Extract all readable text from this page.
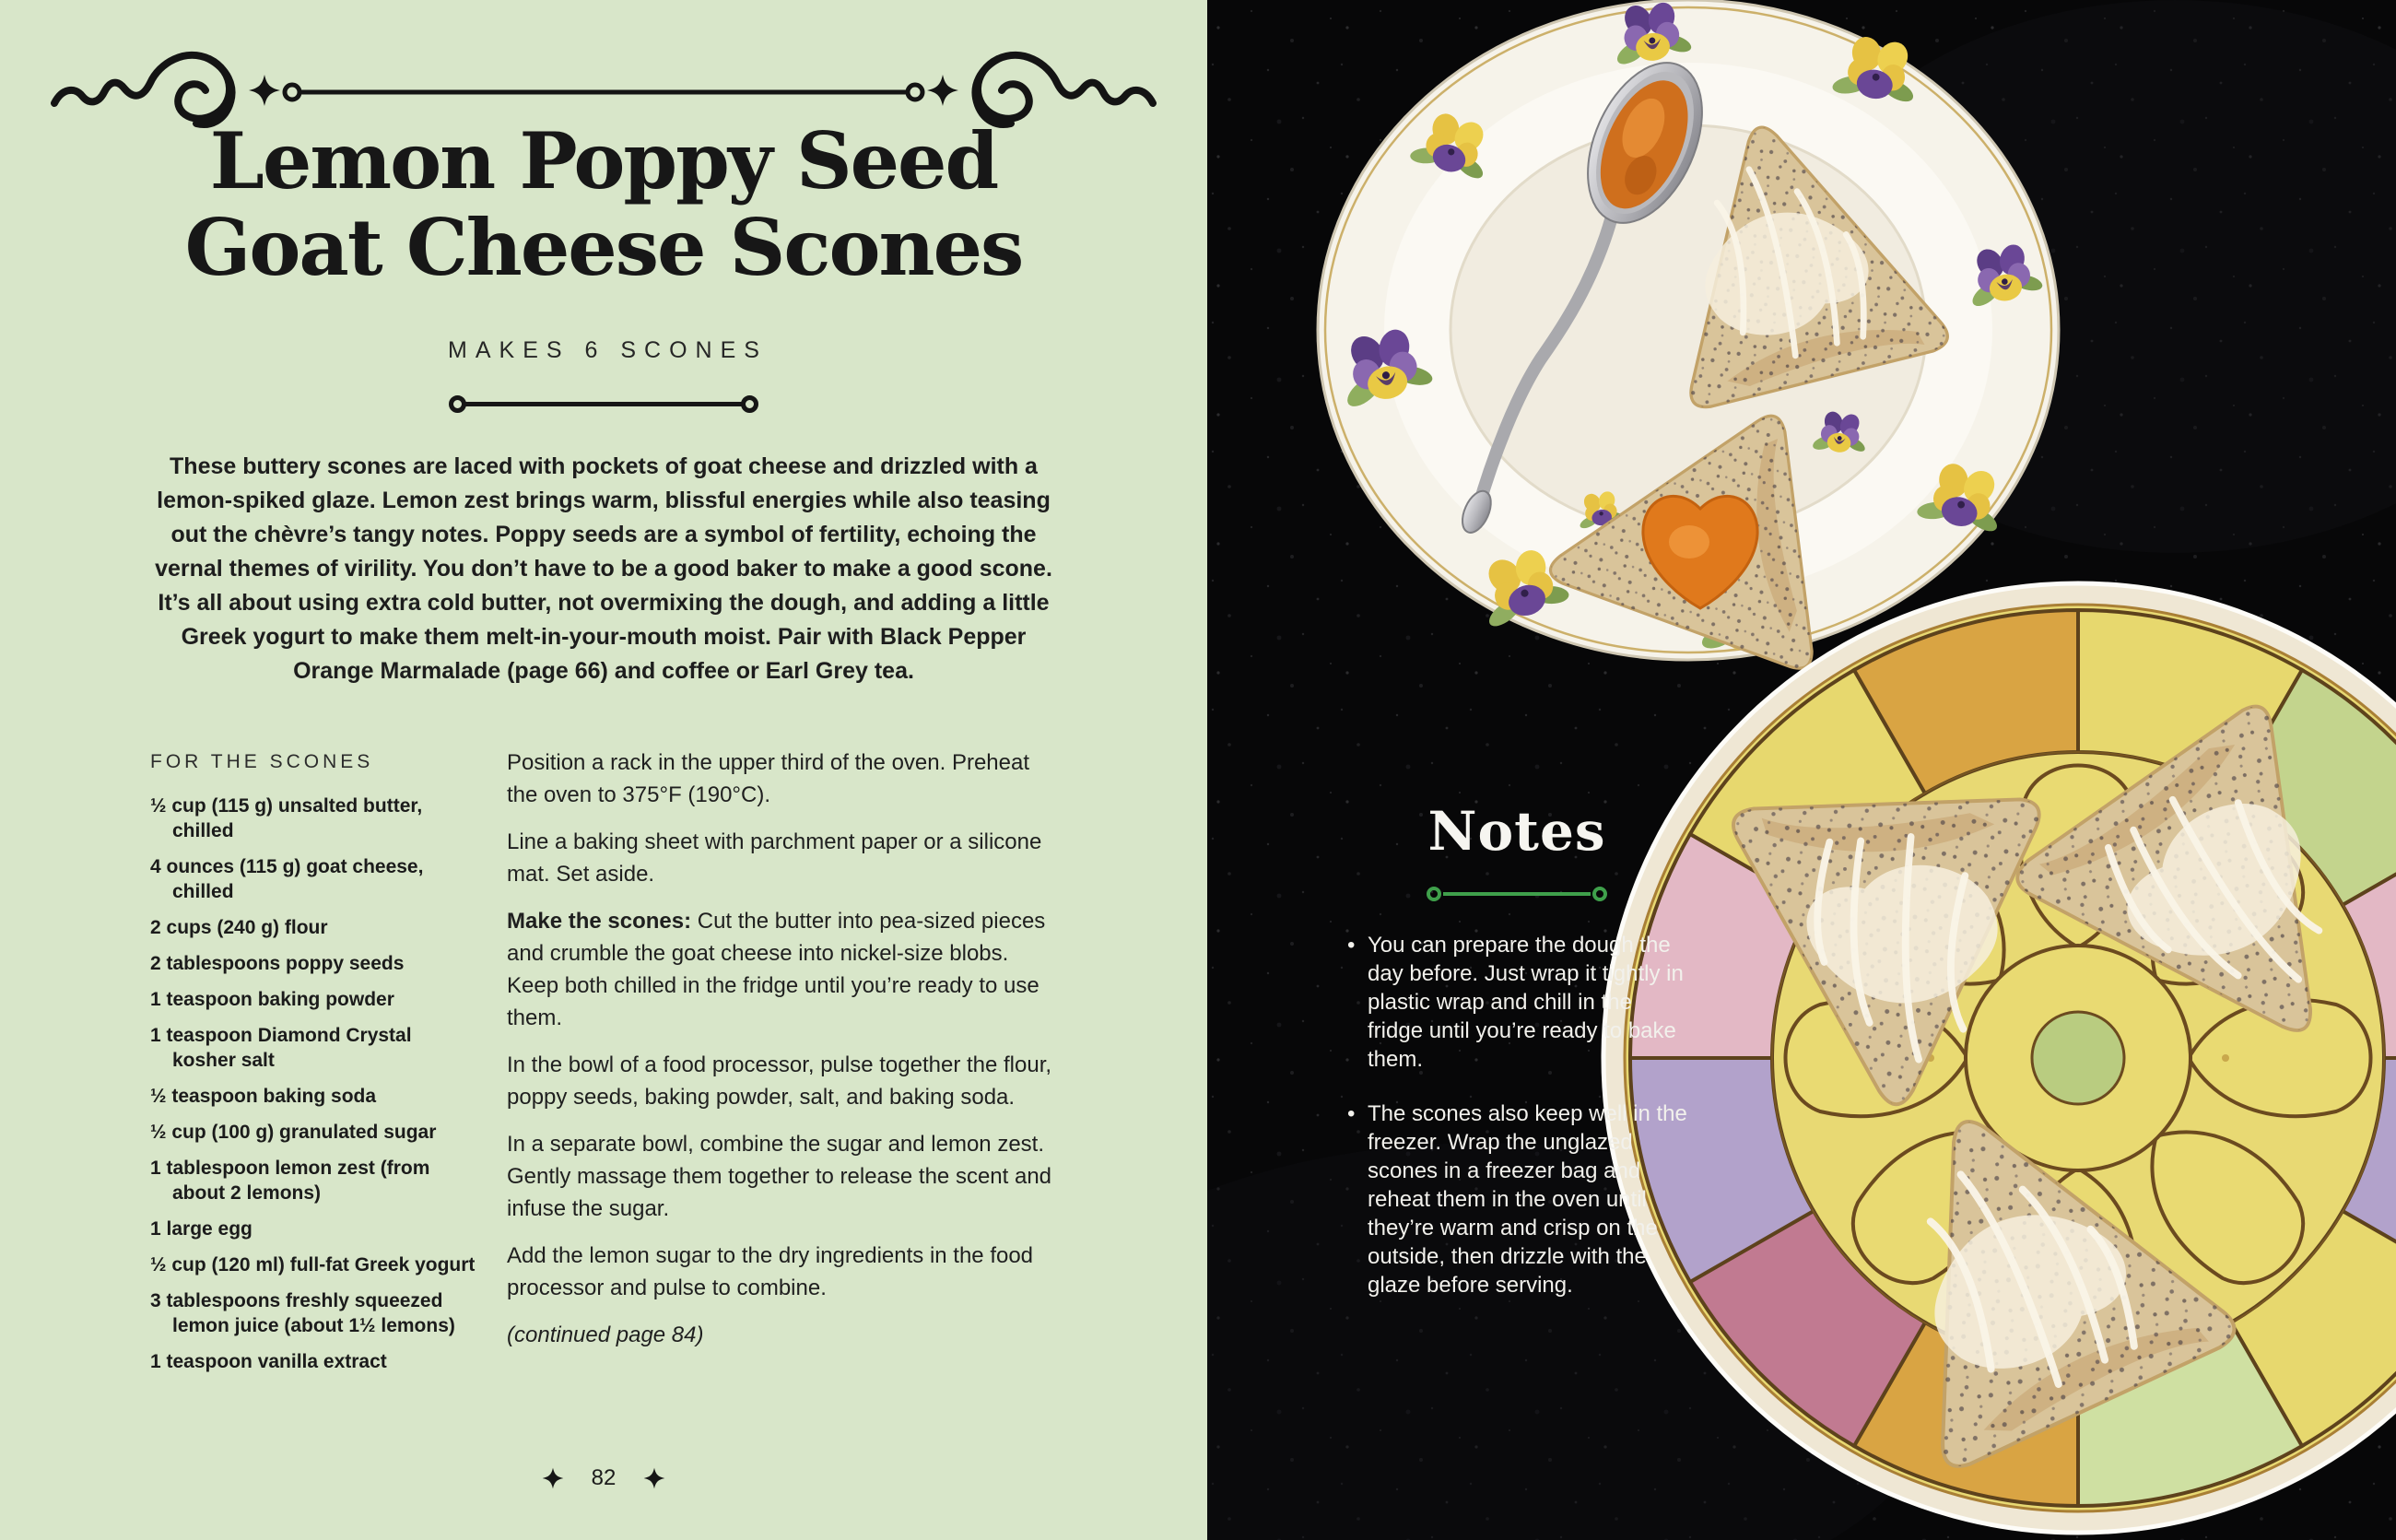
Lemon Poppy Seed
Goat Cheese Scones
MAKES 6 SCONES

These buttery scones are laced with pockets of goat cheese and drizzled with a lemon-spiked glaze. Lemon zest brings warm, blissful energies while also teasing out the chèvre’s tangy notes. Poppy seeds are a symbol of fertility, echoing the vernal themes of virility. You don’t have to be a good baker to make a good scone. It’s all about using extra cold butter, not overmixing the dough, and adding a little Greek yogurt to make them melt-in-your-mouth moist. Pair with Black Pepper Orange Marmalade (page 66) and coffee or Earl Grey tea.

FOR THE SCONES
½ cup (115 g) unsalted butter, chilled
4 ounces (115 g) goat cheese, chilled
2 cups (240 g) flour
2 tablespoons poppy seeds
1 teaspoon baking powder
1 teaspoon Diamond Crystal kosher salt
½ teaspoon baking soda
½ cup (100 g) granulated sugar
1 tablespoon lemon zest (from about 2 lemons)
1 large egg
½ cup (120 ml) full-fat Greek yogurt
3 tablespoons freshly squeezed lemon juice (about 1½ lemons)
1 teaspoon vanilla extract

Position a rack in the upper third of the oven. Preheat the oven to 375°F (190°C).

Line a baking sheet with parchment paper or a silicone mat. Set aside.

Make the scones: Cut the butter into pea-sized pieces and crumble the goat cheese into nickel-size blobs. Keep both chilled in the fridge until you’re ready to use them.

In the bowl of a food processor, pulse together the flour, poppy seeds, baking powder, salt, and baking soda.

In a separate bowl, combine the sugar and lemon zest. Gently massage them together to release the scent and infuse the sugar.

Add the lemon sugar to the dry ingredients in the food processor and pulse to combine.

(continued page 84)

82
Notes
• You can prepare the dough the day before. Just wrap it tightly in plastic wrap and chill in the fridge until you’re ready to bake them.
• The scones also keep well in the freezer. Wrap the unglazed scones in a freezer bag and reheat them in the oven until they’re warm and crisp on the outside, then drizzle with the glaze before serving.
